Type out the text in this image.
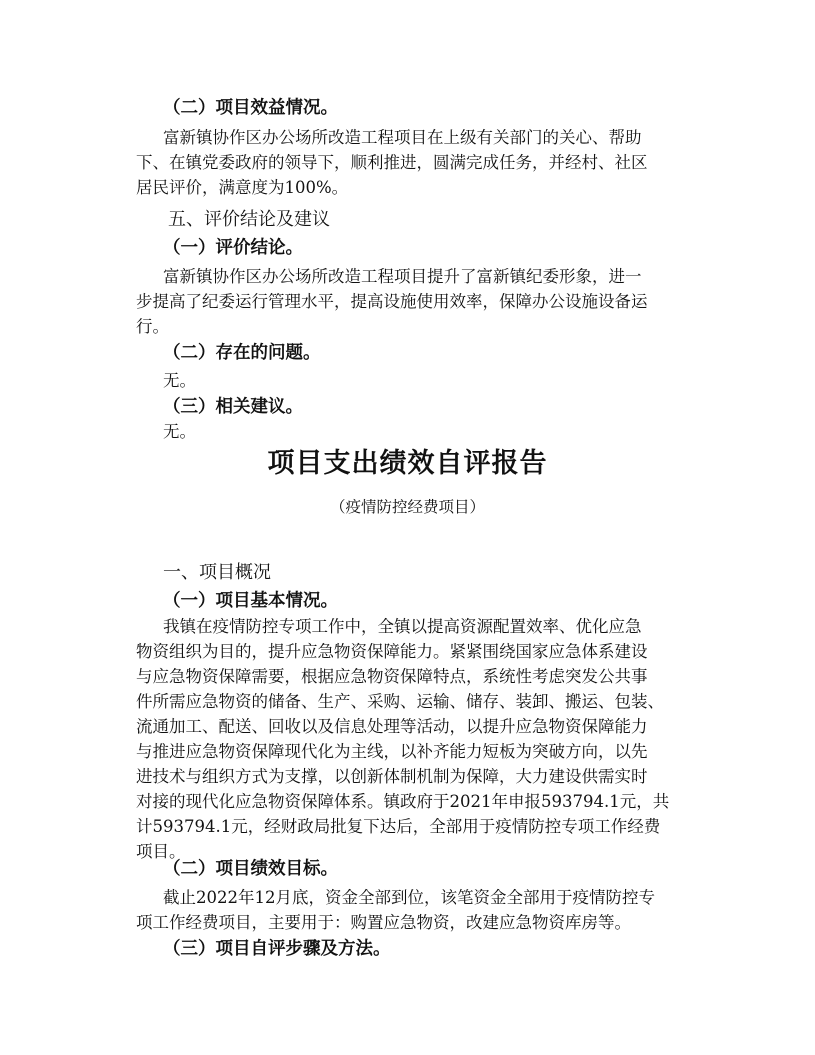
（二）项目效益情况。
富新镇协作区办公场所改造工程项目在上级有关部门的关心、帮助
下、在镇党委政府的领导下，顺利推进，圆满完成任务，并经村、社区
居民评价，满意度为100%。
五、评价结论及建议
（一）评价结论。
富新镇协作区办公场所改造工程项目提升了富新镇纪委形象，进一
步提高了纪委运行管理水平，提高设施使用效率，保障办公设施设备运
行。
（二）存在的问题。
无。
（三）相关建议。
无。
项目支出绩效自评报告
（疫情防控经费项目）
一、项目概况
（一）项目基本情况。
我镇在疫情防控专项工作中，全镇以提高资源配置效率、优化应急
物资组织为目的，提升应急物资保障能力。紧紧围绕国家应急体系建设
与应急物资保障需要，根据应急物资保障特点，系统性考虑突发公共事
件所需应急物资的储备、生产、采购、运输、储存、装卸、搬运、包装、
流通加工、配送、回收以及信息处理等活动，以提升应急物资保障能力
与推进应急物资保障现代化为主线，以补齐能力短板为突破方向，以先
进技术与组织方式为支撑，以创新体制机制为保障，大力建设供需实时
对接的现代化应急物资保障体系。镇政府于2021年申报593794.1元，共
计593794.1元，经财政局批复下达后，全部用于疫情防控专项工作经费
项目。
（二）项目绩效目标。
截止2022年12月底，资金全部到位，该笔资金全部用于疫情防控专
项工作经费项目，主要用于：购置应急物资，改建应急物资库房等。
（三）项目自评步骤及方法。
